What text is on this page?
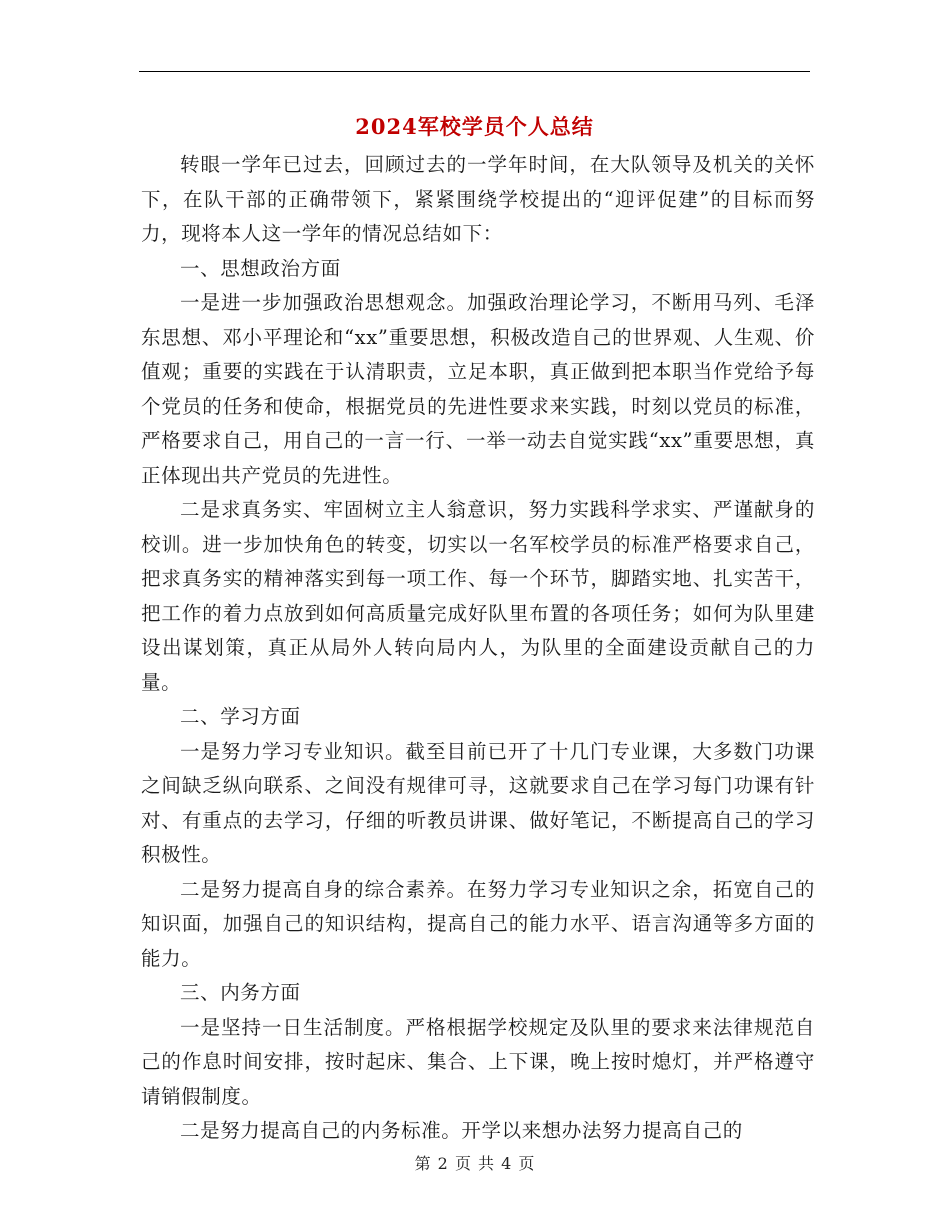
2024军校学员个人总结

转眼一学年已过去，回顾过去的一学年时间，在大队领导及机关的关怀下，在队干部的正确带领下，紧紧围绕学校提出的“迎评促建”的目标而努力，现将本人这一学年的情况总结如下：

一、思想政治方面

一是进一步加强政治思想观念。加强政治理论学习，不断用马列、毛泽东思想、邓小平理论和“xx”重要思想，积极改造自己的世界观、人生观、价值观；重要的实践在于认清职责，立足本职，真正做到把本职当作党给予每个党员的任务和使命，根据党员的先进性要求来实践，时刻以党员的标准，严格要求自己，用自己的一言一行、一举一动去自觉实践“xx”重要思想，真正体现出共产党员的先进性。

二是求真务实、牢固树立主人翁意识，努力实践科学求实、严谨献身的校训。进一步加快角色的转变，切实以一名军校学员的标准严格要求自己，把求真务实的精神落实到每一项工作、每一个环节，脚踏实地、扎实苦干，把工作的着力点放到如何高质量完成好队里布置的各项任务；如何为队里建设出谋划策，真正从局外人转向局内人，为队里的全面建设贡献自己的力量。

二、学习方面

一是努力学习专业知识。截至目前已开了十几门专业课，大多数门功课之间缺乏纵向联系、之间没有规律可寻，这就要求自己在学习每门功课有针对、有重点的去学习，仔细的听教员讲课、做好笔记，不断提高自己的学习积极性。

二是努力提高自身的综合素养。在努力学习专业知识之余，拓宽自己的知识面，加强自己的知识结构，提高自己的能力水平、语言沟通等多方面的能力。

三、内务方面

一是坚持一日生活制度。严格根据学校规定及队里的要求来法律规范自己的作息时间安排，按时起床、集合、上下课，晚上按时熄灯，并严格遵守请销假制度。

二是努力提高自己的内务标准。开学以来想办法努力提高自己的

第 2 页 共 4 页
